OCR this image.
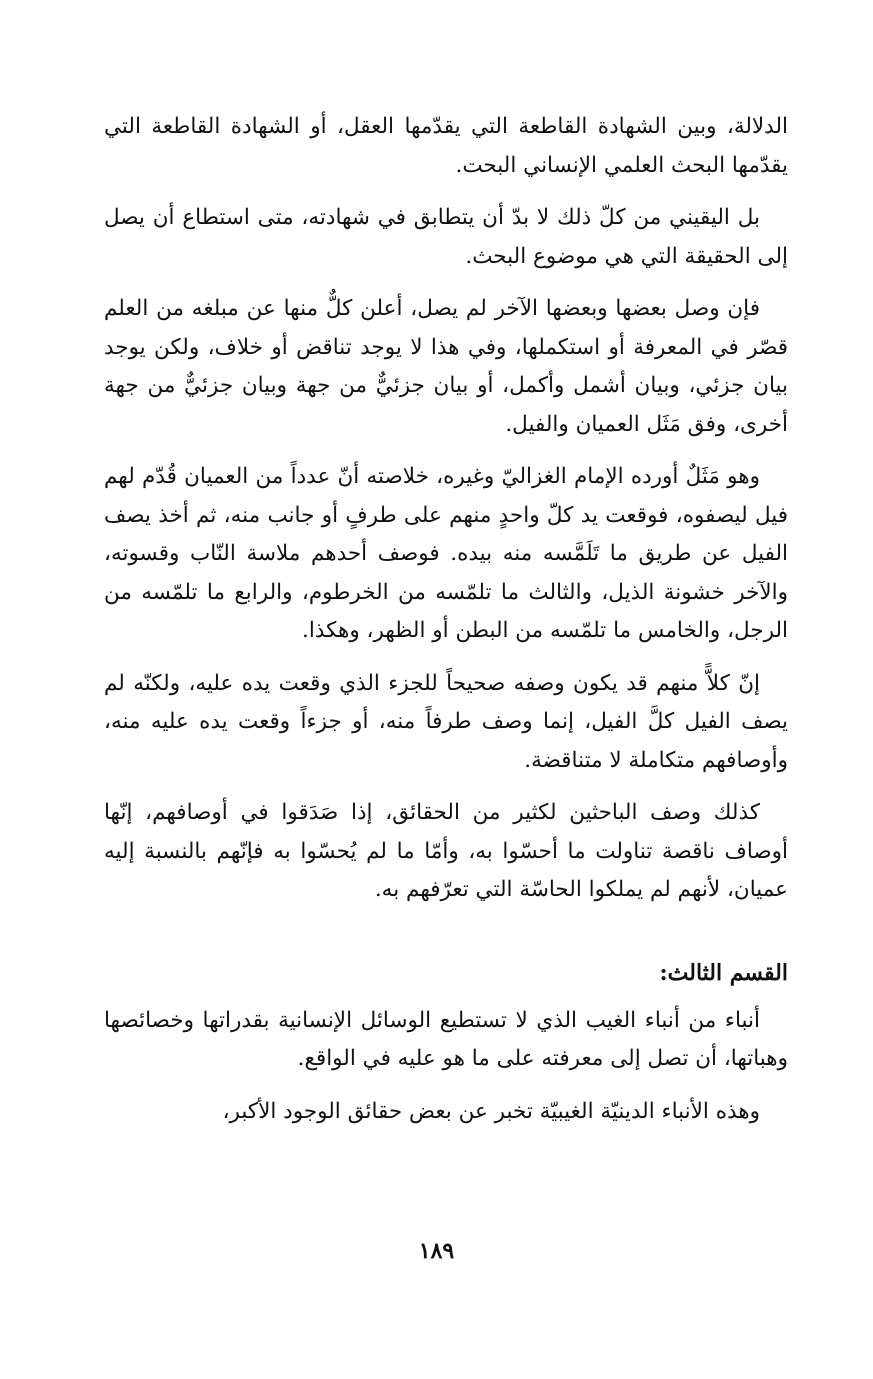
الدلالة، وبين الشهادة القاطعة التي يقدّمها العقل، أو الشهادة القاطعة التي يقدّمها البحث العلمي الإنساني البحت.

بل اليقيني من كلّ ذلك لا بدّ أن يتطابق في شهادته، متى استطاع أن يصل إلى الحقيقة التي هي موضوع البحث.

فإن وصل بعضها وبعضها الآخر لم يصل، أعلن كلٌّ منها عن مبلغه من العلم قصّر في المعرفة أو استكملها، وفي هذا لا يوجد تناقض أو خلاف، ولكن يوجد بيان جزئي، وبيان أشمل وأكمل، أو بيان جزئيٌّ من جهة وبيان جزئيٌّ من جهة أخرى، وفق مَثَل العميان والفيل.

وهو مَثَلٌ أورده الإمام الغزاليّ وغيره، خلاصته أنّ عدداً من العميان قُدّم لهم فيل ليصفوه، فوقعت يد كلّ واحدٍ منهم على طرفٍ أو جانب منه، ثم أخذ يصف الفيل عن طريق ما تَلَمَّسه منه بيده. فوصف أحدهم ملاسة النّاب وقسوته، والآخر خشونة الذيل، والثالث ما تلمّسه من الخرطوم، والرابع ما تلمّسه من الرجل، والخامس ما تلمّسه من البطن أو الظهر، وهكذا.

إنّ كلاًّ منهم قد يكون وصفه صحيحاً للجزء الذي وقعت يده عليه، ولكنّه لم يصف الفيل كلَّ الفيل، إنما وصف طرفاً منه، أو جزءاً وقعت يده عليه منه، وأوصافهم متكاملة لا متناقضة.

كذلك وصف الباحثين لكثير من الحقائق، إذا صَدَقوا في أوصافهم، إنّها أوصاف ناقصة تناولت ما أحسّوا به، وأمّا ما لم يُحسّوا به فإنّهم بالنسبة إليه عميان، لأنهم لم يملكوا الحاسّة التي تعرّفهم به.

القسم الثالث:

أنباء من أنباء الغيب الذي لا تستطيع الوسائل الإنسانية بقدراتها وخصائصها وهباتها، أن تصل إلى معرفته على ما هو عليه في الواقع.

وهذه الأنباء الدينيّة الغيبيّة تخبر عن بعض حقائق الوجود الأكبر،

١٨٩
